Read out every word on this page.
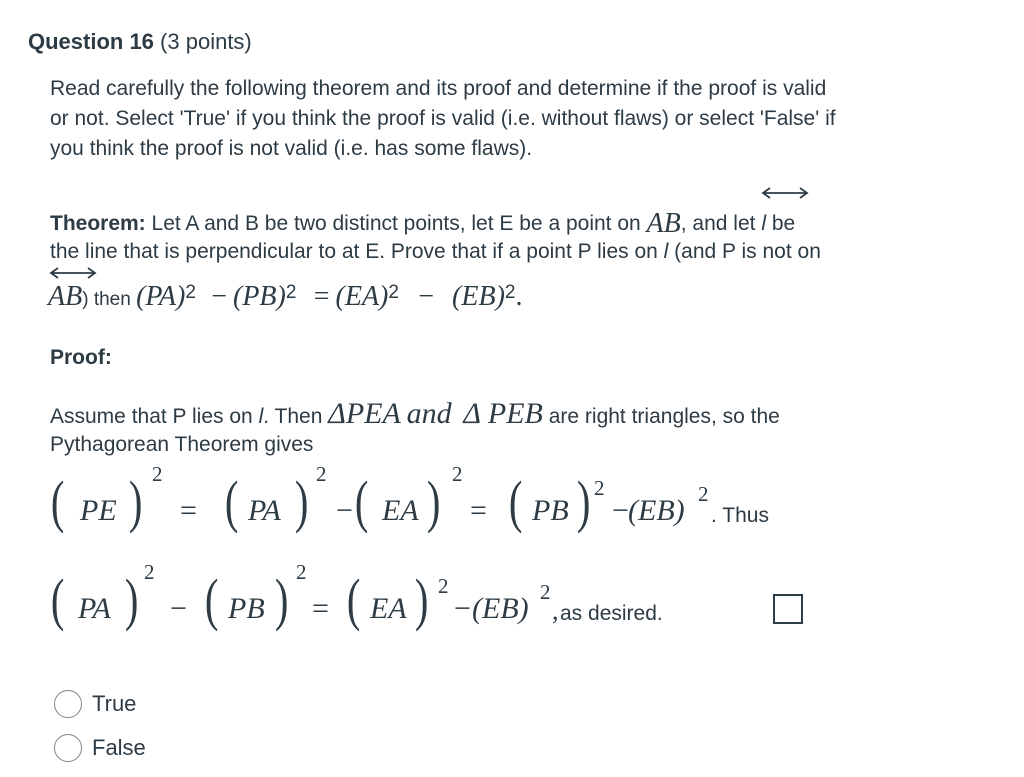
Question 16 (3 points)
Read carefully the following theorem and its proof and determine if the proof is valid
or not. Select 'True' if you think the proof is valid (i.e. without flaws) or select 'False' if
you think the proof is not valid (i.e. has some flaws).
Theorem: Let A and B be two distinct points, let E be a point on AB, and let l be
the line that is perpendicular to at E. Prove that if a point P lies on l (and P is not on
AB) then (PA)$^2$ − (PB)$^2$ = (EA)$^2$ − (EB)$^2$.
Proof:
Assume that P lies on l. Then ΔPEA and Δ PEB are right triangles, so the
Pythagorean Theorem gives
( PE ) 2
= ( PA ) 2
− ( EA ) 2
= ( PB ) 2
− (EB) 2
. Thus
( PA ) 2
− ( PB ) 2
= ( EA ) 2
− (EB) 2
, as desired.
True
False
